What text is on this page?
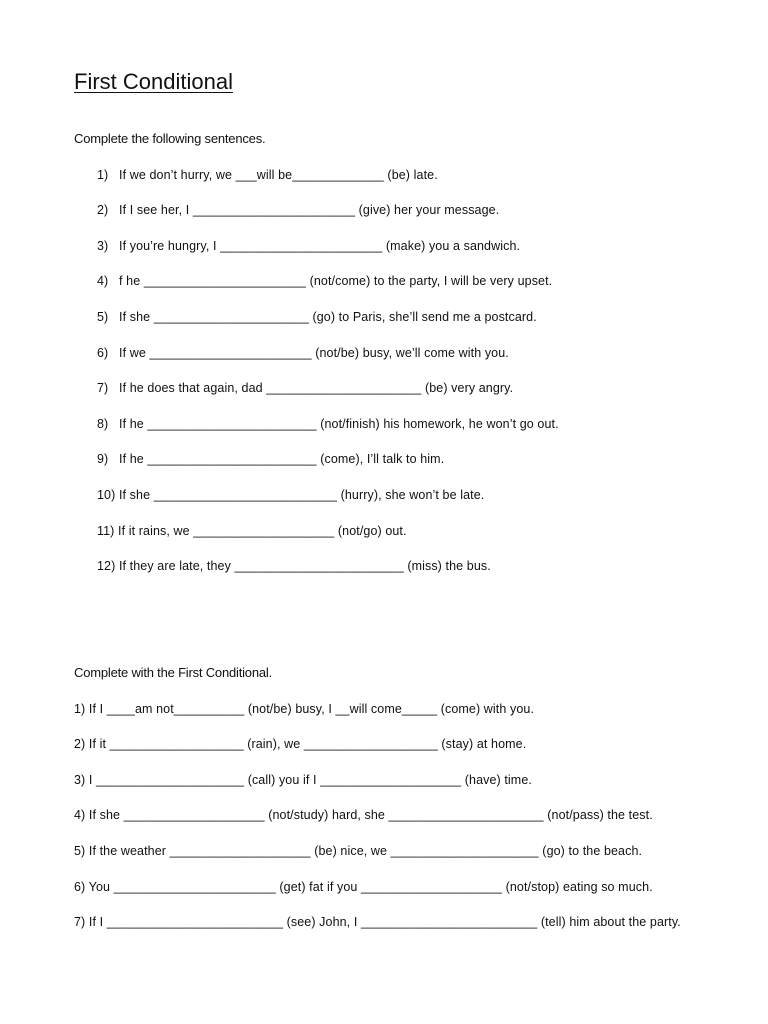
First Conditional
Complete the following sentences.
1) If we don’t hurry, we ___will be_____________ (be) late.
2) If I see her, I _______________________ (give) her your message.
3) If you’re hungry, I _______________________ (make) you a sandwich.
4) f he _______________________ (not/come) to the party, I will be very upset.
5) If she ______________________ (go) to Paris, she’ll send me a postcard.
6) If we _______________________ (not/be) busy, we’ll come with you.
7) If he does that again, dad ______________________ (be) very angry.
8) If he ________________________ (not/finish) his homework, he won’t go out.
9) If he ________________________ (come), I’ll talk to him.
10) If she __________________________ (hurry), she won’t be late.
11) If it rains, we ____________________ (not/go) out.
12) If they are late, they ________________________ (miss) the bus.
Complete with the First Conditional.
1) If I ____am not__________ (not/be) busy, I __will come_____ (come) with you.
2) If it ___________________ (rain), we ___________________ (stay) at home.
3) I _____________________ (call) you if I ____________________ (have) time.
4) If she ____________________ (not/study) hard, she ______________________ (not/pass) the test.
5) If the weather ____________________ (be) nice, we _____________________ (go) to the beach.
6) You _______________________ (get) fat if you ____________________ (not/stop) eating so much.
7) If I _________________________ (see) John, I _________________________ (tell) him about the party.
